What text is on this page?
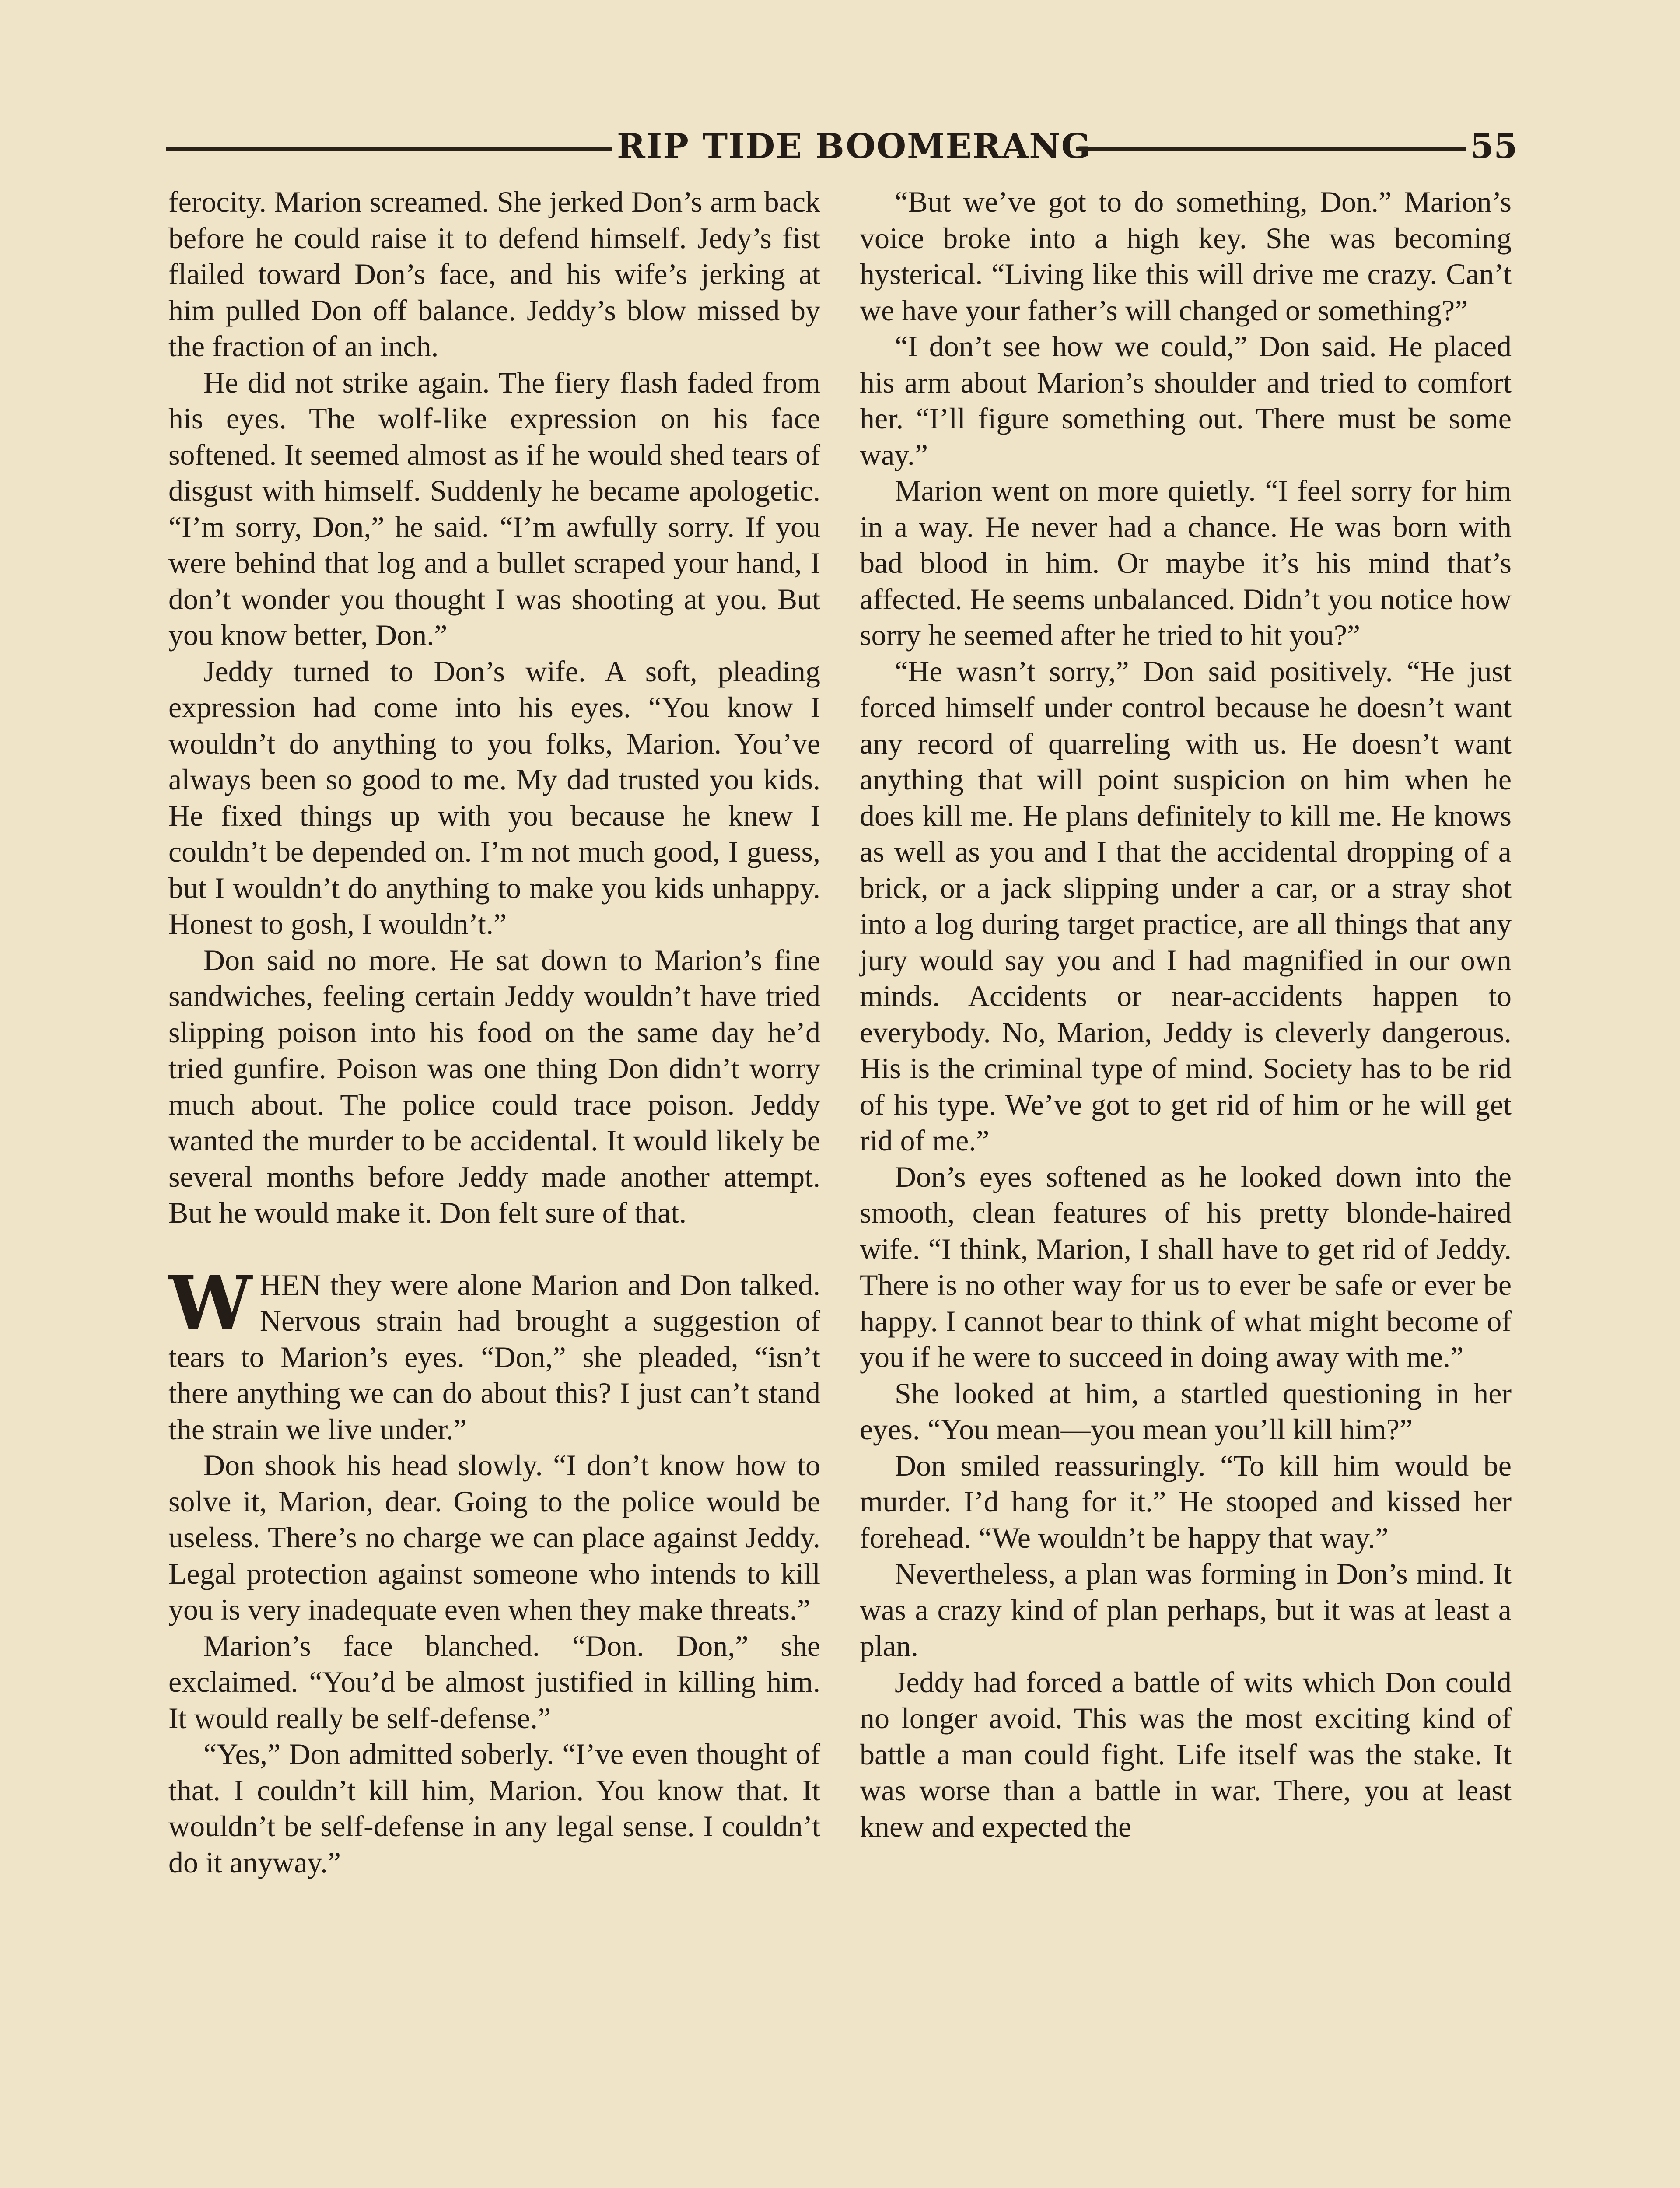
RIP TIDE BOOMERANG	55

ferocity. Marion screamed. She jerked Don’s arm back before he could raise it to defend himself. Jedy’s fist flailed toward Don’s face, and his wife’s jerking at him pulled Don off balance. Jeddy’s blow missed by the fraction of an inch.

He did not strike again. The fiery flash faded from his eyes. The wolf-like expression on his face softened. It seemed almost as if he would shed tears of disgust with himself. Suddenly he became apologetic. “I’m sorry, Don,” he said. “I’m awfully sorry. If you were behind that log and a bullet scraped your hand, I don’t wonder you thought I was shooting at you. But you know better, Don.”

Jeddy turned to Don’s wife. A soft, pleading expression had come into his eyes. “You know I wouldn’t do anything to you folks, Marion. You’ve always been so good to me. My dad trusted you kids. He fixed things up with you because he knew I couldn’t be depended on. I’m not much good, I guess, but I wouldn’t do anything to make you kids unhappy. Honest to gosh, I wouldn’t.”

Don said no more. He sat down to Marion’s fine sandwiches, feeling certain Jeddy wouldn’t have tried slipping poison into his food on the same day he’d tried gunfire. Poison was one thing Don didn’t worry much about. The police could trace poison. Jeddy wanted the murder to be accidental. It would likely be several months before Jeddy made another attempt. But he would make it. Don felt sure of that.

WHEN they were alone Marion and Don talked. Nervous strain had brought a suggestion of tears to Marion’s eyes. “Don,” she pleaded, “isn’t there anything we can do about this? I just can’t stand the strain we live under.”

Don shook his head slowly. “I don’t know how to solve it, Marion, dear. Going to the police would be useless. There’s no charge we can place against Jeddy. Legal protection against someone who intends to kill you is very inadequate even when they make threats.”

Marion’s face blanched. “Don. Don,” she exclaimed. “You’d be almost justified in killing him. It would really be self-defense.”

“Yes,” Don admitted soberly. “I’ve even thought of that. I couldn’t kill him, Marion. You know that. It wouldn’t be self-defense in any legal sense. I couldn’t do it anyway.”

“But we’ve got to do something, Don.” Marion’s voice broke into a high key. She was becoming hysterical. “Living like this will drive me crazy. Can’t we have your father’s will changed or something?”

“I don’t see how we could,” Don said. He placed his arm about Marion’s shoulder and tried to comfort her. “I’ll figure something out. There must be some way.”

Marion went on more quietly. “I feel sorry for him in a way. He never had a chance. He was born with bad blood in him. Or maybe it’s his mind that’s affected. He seems unbalanced. Didn’t you notice how sorry he seemed after he tried to hit you?”

“He wasn’t sorry,” Don said positively. “He just forced himself under control because he doesn’t want any record of quarreling with us. He doesn’t want anything that will point suspicion on him when he does kill me. He plans definitely to kill me. He knows as well as you and I that the accidental dropping of a brick, or a jack slipping under a car, or a stray shot into a log during target practice, are all things that any jury would say you and I had magnified in our own minds. Accidents or near-accidents happen to everybody. No, Marion, Jeddy is cleverly dangerous. His is the criminal type of mind. Society has to be rid of his type. We’ve got to get rid of him or he will get rid of me.”

Don’s eyes softened as he looked down into the smooth, clean features of his pretty blonde-haired wife. “I think, Marion, I shall have to get rid of Jeddy. There is no other way for us to ever be safe or ever be happy. I cannot bear to think of what might become of you if he were to succeed in doing away with me.”

She looked at him, a startled questioning in her eyes. “You mean—you mean you’ll kill him?”

Don smiled reassuringly. “To kill him would be murder. I’d hang for it.” He stooped and kissed her forehead. “We wouldn’t be happy that way.”

Nevertheless, a plan was forming in Don’s mind. It was a crazy kind of plan perhaps, but it was at least a plan.

Jeddy had forced a battle of wits which Don could no longer avoid. This was the most exciting kind of battle a man could fight. Life itself was the stake. It was worse than a battle in war. There, you at least knew and expected the
